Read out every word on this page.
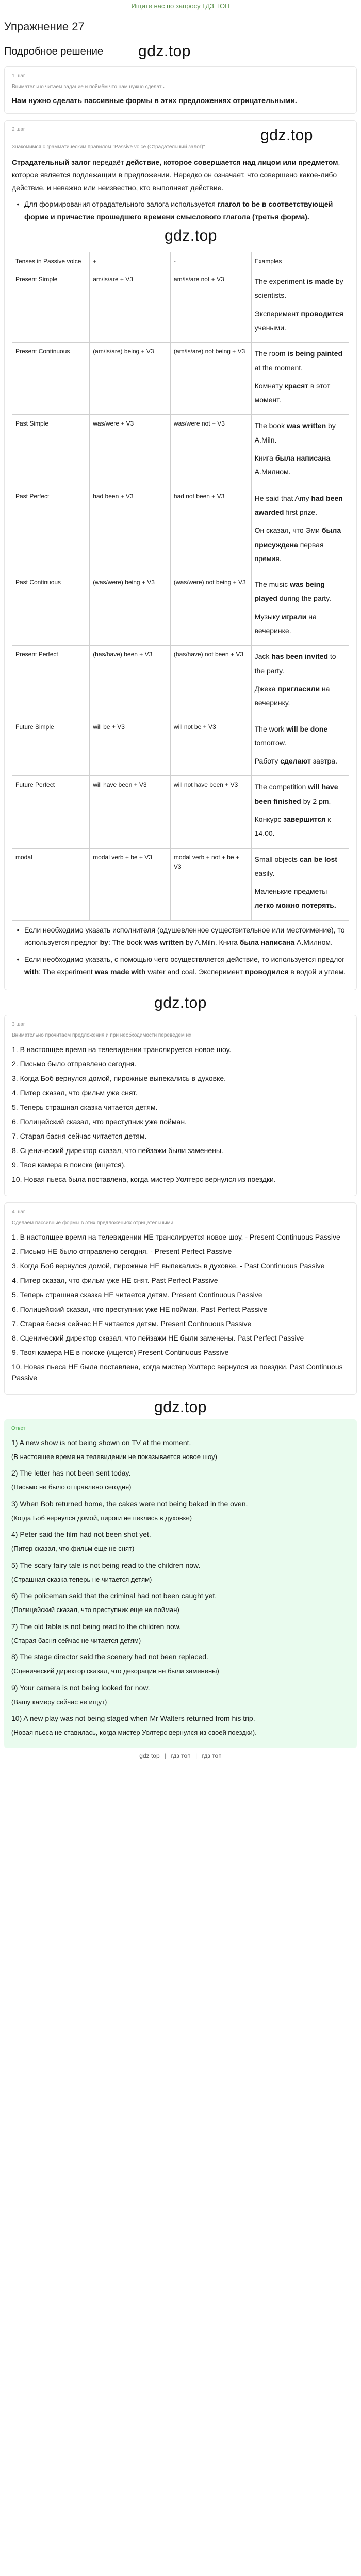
Ищите нас по запросу ГДЗ ТОП
Упражнение 27
Подробное решение gdz.top
1 шаг
Внимательно читаем задание и поймём что нам нужно сделать
Нам нужно сделать пассивные формы в этих предложениях отрицательными.
2 шаг	gdz.top
Знакомимся с грамматическим правилом "Passive voice (Страдательный залог)"
Страдательный залог передаёт действие, которое совершается над лицом или предметом, которое является подлежащим в предложении. Нередко он означает, что совершено какое-либо действие, и неважно или неизвестно, кто выполняет действие.
• Для формирования отрадательного залога используется глагол to be в соответствующей форме и причастие прошедшего времени смыслового глагола (третья форма).
gdz.top
Tenses in Passive voice	+	-	Examples
Present Simple	am/is/are + V3	am/is/are not + V3	The experiment is made by scientists.
Эксперимент проводится учеными.

Present Continuous	(am/is/are) being + V3	(am/is/are) not being + V3	The room is being painted at the moment.
Комнату красят в этот момент.

Past Simple	was/were + V3	was/were not + V3	The book was written by A.Miln.
Книга была написана А.Милном.

Past Perfect	had been + V3	had not been + V3	He said that Amy had been awarded first prize.
Он сказал, что Эми была присуждена первая премия.

Past Continuous	(was/were) being + V3	(was/were) not being + V3	The music was being played during the party.
Музыку играли на вечеринке.

Present Perfect	(has/have) been + V3	(has/have) not been + V3	Jack has been invited to the party.
Джека пригласили на вечеринку.

Future Simple	will be + V3	will not be + V3	The work will be done tomorrow.
Работу сделают завтра.

Future Perfect	will have been + V3	will not have been + V3	The competition will have been finished by 2 pm.
Конкурс завершится к 14.00.

modal	modal verb + be + V3	modal verb + not + be + V3	Small objects can be lost easily.
Маленькие предметы легко можно потерять.
• Если необходимо указать исполнителя (одушевленное существительное или местоимение), то используется предлог by: The book was written by A.Miln. Книга была написана А.Милном.
• Если необходимо указать, с помощью чего осуществляется действие, то используется предлог with: The experiment was made with water and coal. Эксперимент проводился в водой и углем.
gdz.top
3 шаг
Внимательно прочитаем предложения и при необходимости переведём их
1. В настоящее время на телевидении транслируется новое шоу.
2. Письмо было отправлено сегодня.
3. Когда Боб вернулся домой, пирожные выпекались в духовке.
4. Питер сказал, что фильм уже снят.
5. Теперь страшная сказка читается детям.
6. Полицейский сказал, что преступник уже пойман.
7. Старая басня сейчас читается детям.
8. Сценический директор сказал, что пейзажи были заменены.
9. Твоя камера в поиске (ищется).
10. Новая пьеса была поставлена, когда мистер Уолтерс вернулся из поездки.
4 шаг
Сделаем пассивные формы в этих предложениях отрицательными
1. В настоящее время на телевидении НЕ транслируется новое шоу. - Present Continuous Passive
2. Письмо НЕ было отправлено сегодня. - Present Perfect Passive
3. Когда Боб вернулся домой, пирожные НЕ выпекались в духовке. - Past Continuous Passive
4. Питер сказал, что фильм уже НЕ снят. Past Perfect Passive
5. Теперь страшная сказка НЕ читается детям. Present Continuous Passive
6. Полицейский сказал, что преступник уже НЕ пойман. Past Perfect Passive
7. Старая басня сейчас НЕ читается детям. Present Continuous Passive
8. Сценический директор сказал, что пейзажи НЕ были заменены. Past Perfect Passive
9. Твоя камера НЕ в поиске (ищется) Present Continuous Passive
10. Новая пьеса НЕ была поставлена, когда мистер Уолтерс вернулся из поездки. Past Continuous Passive
gdz.top
Ответ
1) A new show is not being shown on TV at the moment.
(В настоящее время на телевидении не показывается новое шоу)
2) The letter has not been sent today.
(Письмо не было отправлено сегодня)
3) When Bob returned home, the cakes were not being baked in the oven.
(Когда Боб вернулся домой, пироги не пеклись в духовке)
4) Peter said the film had not been shot yet.
(Питер сказал, что фильм еще не снят)
5) The scary fairy tale is not being read to the children now.
(Страшная сказка теперь не читается детям)
6) The policeman said that the criminal had not been caught yet.
(Полицейский сказал, что преступник еще не пойман)
7) The old fable is not being read to the children now.
(Старая басня сейчас не читается детям)
8) The stage director said the scenery had not been replaced.
(Сценический директор сказал, что декорации не были заменены)
9) Your camera is not being looked for now.
(Вашу камеру сейчас не ищут)
10) A new play was not being staged when Mr Walters returned from his trip.
(Новая пьеса не ставилась, когда мистер Уолтерс вернулся из своей поездки).
gdz top | гдз топ | гдз топ
